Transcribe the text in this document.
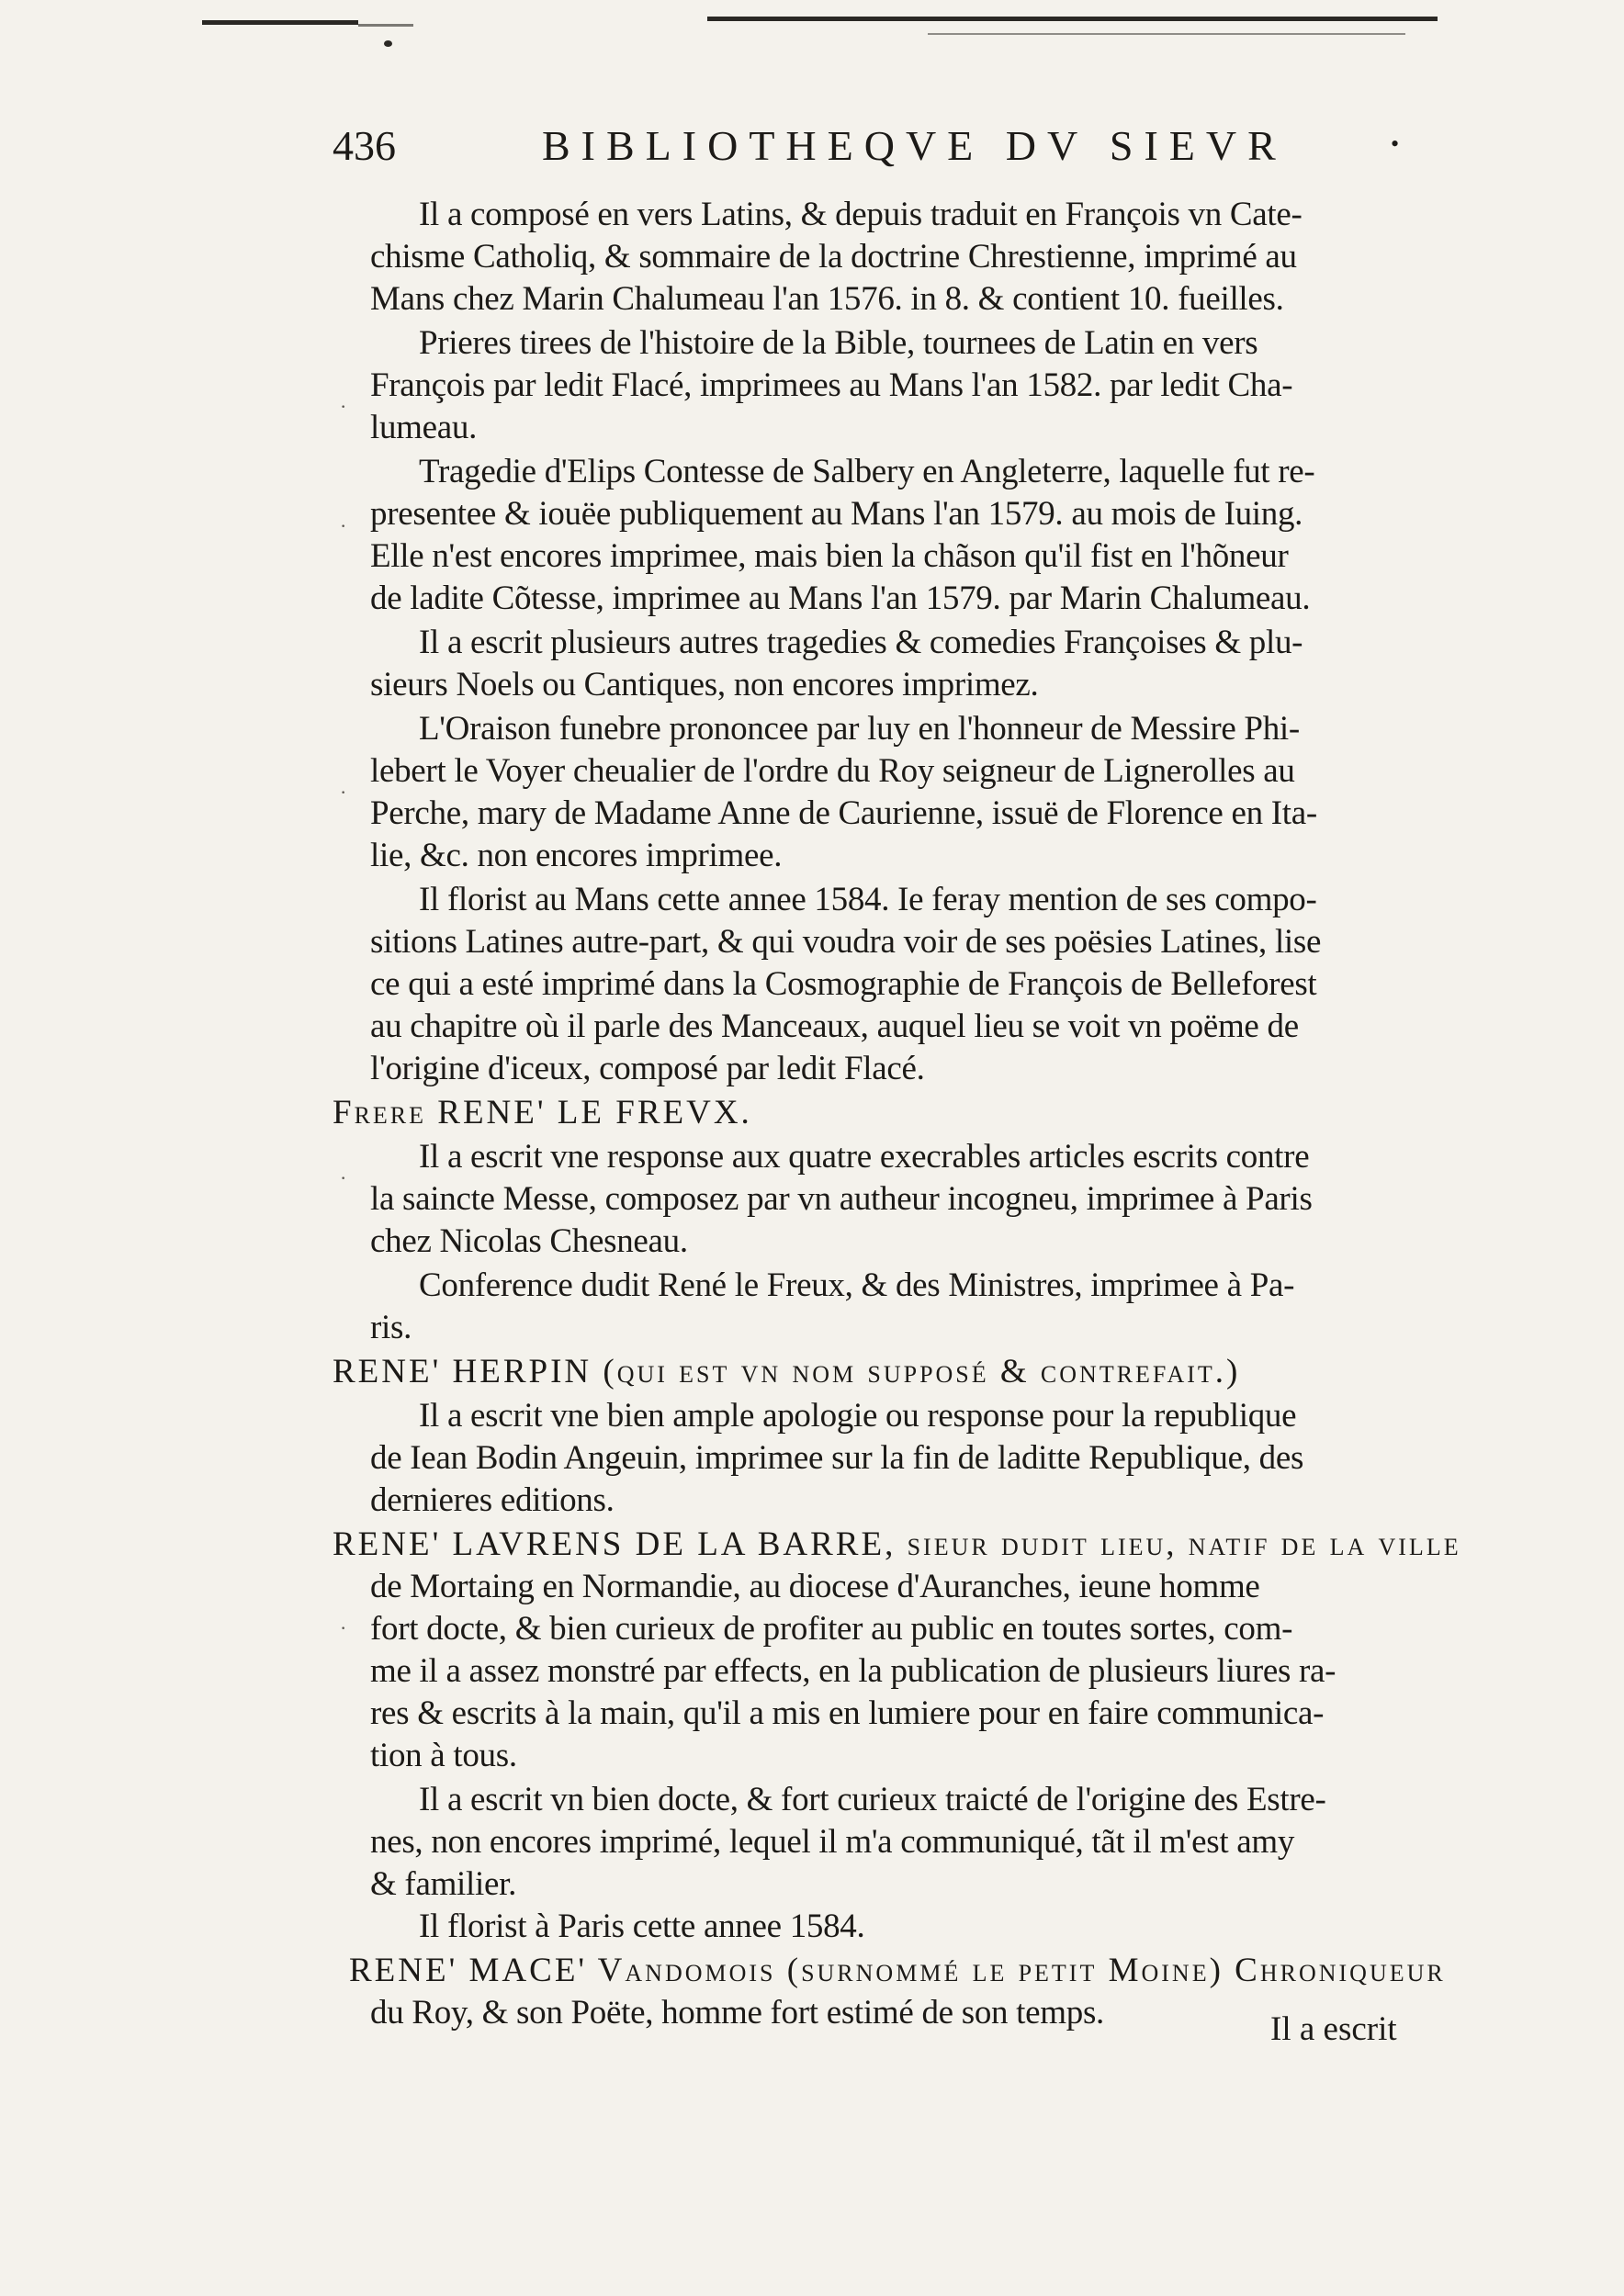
436	BIBLIOTHEQVE DV SIEVR	•
Il a composé en vers Latins, & depuis traduit en François vn Cate-
chisme Catholiq, & sommaire de la doctrine Chrestienne, imprimé au
Mans chez Marin Chalumeau l'an 1576. in 8. & contient 10. fueilles.
Prieres tirees de l'histoire de la Bible, tournees de Latin en vers
François par ledit Flacé, imprimees au Mans l'an 1582. par ledit Cha-
lumeau.
Tragedie d'Elips Contesse de Salbery en Angleterre, laquelle fut re-
presentee & iouëe publiquement au Mans l'an 1579. au mois de Iuing.
Elle n'est encores imprimee, mais bien la chãson qu'il fist en l'hõneur
de ladite Cõtesse, imprimee au Mans l'an 1579. par Marin Chalumeau.
Il a escrit plusieurs autres tragedies & comedies Françoises & plu-
sieurs Noels ou Cantiques, non encores imprimez.
L'Oraison funebre prononcee par luy en l'honneur de Messire Phi-
lebert le Voyer cheualier de l'ordre du Roy seigneur de Lignerolles au
Perche, mary de Madame Anne de Caurienne, issuë de Florence en Ita-
lie, &c. non encores imprimee.
Il florist au Mans cette annee 1584. Ie feray mention de ses compo-
sitions Latines autre-part, & qui voudra voir de ses poësies Latines, lise
ce qui a esté imprimé dans la Cosmographie de François de Belleforest
au chapitre où il parle des Manceaux, auquel lieu se voit vn poëme de
l'origine d'iceux, composé par ledit Flacé.
Frere RENE' LE FREVX.
Il a escrit vne response aux quatre execrables articles escrits contre
la saincte Messe, composez par vn autheur incogneu, imprimee à Paris
chez Nicolas Chesneau.
Conference dudit René le Freux, & des Ministres, imprimee à Pa-
ris.
RENE' HERPIN (qui est vn nom supposé & contrefait.)
Il a escrit vne bien ample apologie ou response pour la republique
de Iean Bodin Angeuin, imprimee sur la fin de laditte Republique, des
dernieres editions.
RENE' LAVRENS DE LA BARRE, sieur dudit lieu, natif de la ville
de Mortaing en Normandie, au diocese d'Auranches, ieune homme
fort docte, & bien curieux de profiter au public en toutes sortes, com-
me il a assez monstré par effects, en la publication de plusieurs liures ra-
res & escrits à la main, qu'il a mis en lumiere pour en faire communica-
tion à tous.
Il a escrit vn bien docte, & fort curieux traicté de l'origine des Estre-
nes, non encores imprimé, lequel il m'a communiqué, tãt il m'est amy
& familier.
Il florist à Paris cette annee 1584.
RENE' MACE' Vandomois (surnommé le petit Moine) Chroniqueur
du Roy, & son Poëte, homme fort estimé de son temps.	Il a escrit
·
·
·
·
·
